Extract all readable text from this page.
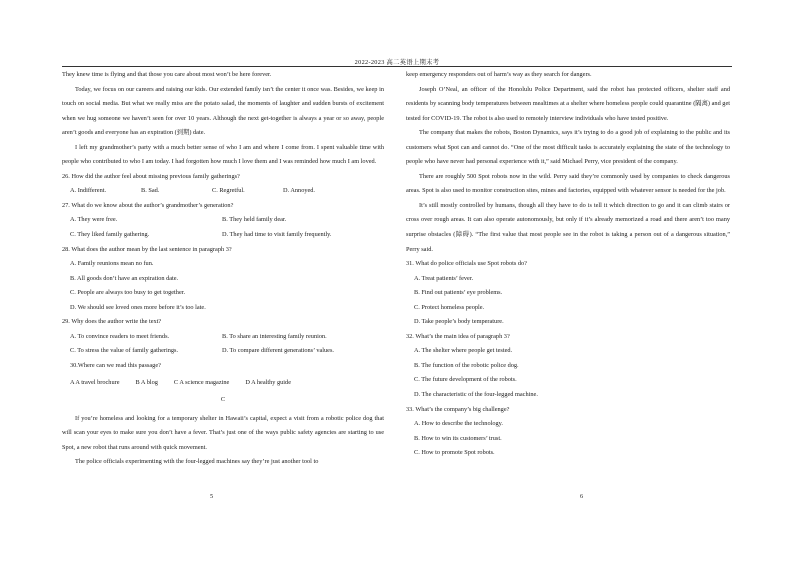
2022-2023 高二英语上期末考
They knew time is flying and that those you care about most won’t be here forever.
Today, we focus on our careers and raising our kids. Our extended family isn’t the center it once was. Besides, we keep in touch on social media. But what we really miss are the potato salad, the moments of laughter and sudden bursts of excitement when we hug someone we haven’t seen for over 10 years. Although the next get-together is always a year or so away, people aren’t goods and everyone has an expiration (到期) date.
I left my grandmother’s party with a much better sense of who I am and where I come from. I spent valuable time with people who contributed to who I am today. I had forgotten how much I love them and I was reminded how much I am loved.
26. How did the author feel about missing previous family gatherings?
A. Indifferent.	B. Sad.	C. Regretful.	D. Annoyed.
27. What do we know about the author’s grandmother’s generation?
A. They were free.	B. They held family dear.
C. They liked family gathering.	D. They had time to visit family frequently.
28. What does the author mean by the last sentence in paragraph 3?
A. Family reunions mean no fun.
B. All goods don’t have an expiration date.
C. People are always too busy to get together.
D. We should see loved ones more before it’s too late.
29. Why does the author write the text?
A. To convince readers to meet friends.	B. To share an interesting family reunion.
C. To stress the value of family gatherings.	D. To compare different generations’ values.
30.Where can we read this passage?
A A travel brochure	B A blog	C A science magazine	D A healthy guide
C
If you’re homeless and looking for a temporary shelter in Hawaii’s capital, expect a visit from a robotic police dog that will scan your eyes to make sure you don’t have a fever. That’s just one of the ways public safety agencies are starting to use Spot, a new robot that runs around with quick movement.
The police officials experimenting with the four-legged machines say they’re just another tool to
keep emergency responders out of harm’s way as they search for dangers.
Joseph O’Neal, an officer of the Honolulu Police Department, said the robot has protected officers, shelter staff and residents by scanning body temperatures between mealtimes at a shelter where homeless people could quarantine (隔离) and get tested for COVID-19. The robot is also used to remotely interview individuals who have tested positive.
The company that makes the robots, Boston Dynamics, says it’s trying to do a good job of explaining to the public and its customers what Spot can and cannot do. “One of the most difficult tasks is accurately explaining the state of the technology to people who have never had personal experience with it,” said Michael Perry, vice president of the company.
There are roughly 500 Spot robots now in the wild. Perry said they’re commonly used by companies to check dangerous areas. Spot is also used to monitor construction sites, mines and factories, equipped with whatever sensor is needed for the job.
It’s still mostly controlled by humans, though all they have to do is tell it which direction to go and it can climb stairs or cross over rough areas. It can also operate autonomously, but only if it’s already memorized a road and there aren’t too many surprise obstacles (障碍). “The first value that most people see in the robot is taking a person out of a dangerous situation,” Perry said.
31. What do police officials use Spot robots do?
A. Treat patients’ fever.
B. Find out patients’ eye problems.
C. Protect homeless people.
D. Take people’s body temperature.
32. What’s the main idea of paragraph 3?
A. The shelter where people get tested.
B. The function of the robotic police dog.
C. The future development of the robots.
D. The characteristic of the four-legged machine.
33. What’s the company’s big challenge?
A. How to describe the technology.
B. How to win its customers’ trust.
C. How to promote Spot robots.
5	6
